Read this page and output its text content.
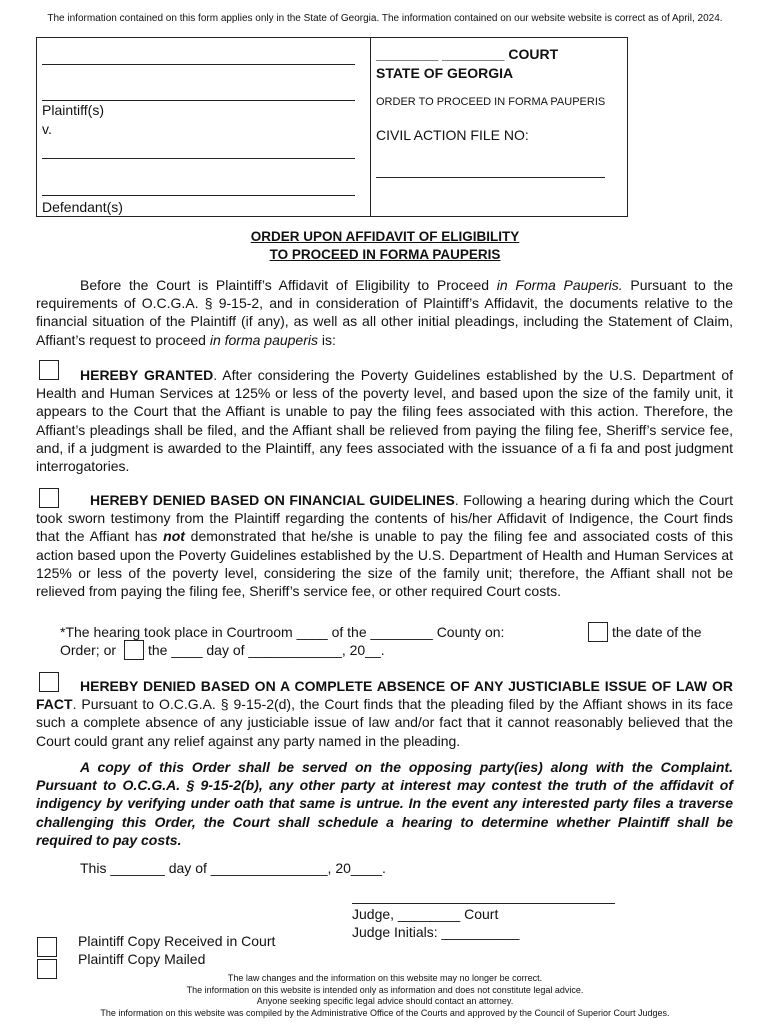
The information contained on this form applies only in the State of Georgia. The information contained on our website website is correct as of April, 2024.
Plaintiff(s)
v.
Defendant(s)
________ ________ COURT
STATE OF GEORGIA
ORDER TO PROCEED IN FORMA PAUPERIS
CIVIL ACTION FILE NO:
ORDER UPON AFFIDAVIT OF ELIGIBILITY
TO PROCEED IN FORMA PAUPERIS

Before the Court is Plaintiff’s Affidavit of Eligibility to Proceed in Forma Pauperis. Pursuant to the requirements of O.C.G.A. § 9-15-2, and in consideration of Plaintiff’s Affidavit, the documents relative to the financial situation of the Plaintiff (if any), as well as all other initial pleadings, including the Statement of Claim, Affiant’s request to proceed in forma pauperis is:

HEREBY GRANTED. After considering the Poverty Guidelines established by the U.S. Department of Health and Human Services at 125% or less of the poverty level, and based upon the size of the family unit, it appears to the Court that the Affiant is unable to pay the filing fees associated with this action. Therefore, the Affiant’s pleadings shall be filed, and the Affiant shall be relieved from paying the filing fee, Sheriff’s service fee, and, if a judgment is awarded to the Plaintiff, any fees associated with the issuance of a fi fa and post judgment interrogatories.

HEREBY DENIED BASED ON FINANCIAL GUIDELINES. Following a hearing during which the Court took sworn testimony from the Plaintiff regarding the contents of his/her Affidavit of Indigence, the Court finds that the Affiant has not demonstrated that he/she is unable to pay the filing fee and associated costs of this action based upon the Poverty Guidelines established by the U.S. Department of Health and Human Services at 125% or less of the poverty level, considering the size of the family unit; therefore, the Affiant shall not be relieved from paying the filing fee, Sheriff’s service fee, or other required Court costs.

*The hearing took place in Courtroom ____ of the ________ County on:	the date of the
Order; or the ____ day of ____________, 20__.

HEREBY DENIED BASED ON A COMPLETE ABSENCE OF ANY JUSTICIABLE ISSUE OF LAW OR FACT. Pursuant to O.C.G.A. § 9-15-2(d), the Court finds that the pleading filed by the Affiant shows in its face such a complete absence of any justiciable issue of law and/or fact that it cannot reasonably believed that the Court could grant any relief against any party named in the pleading.

A copy of this Order shall be served on the opposing party(ies) along with the Complaint. Pursuant to O.C.G.A. § 9-15-2(b), any other party at interest may contest the truth of the affidavit of indigency by verifying under oath that same is untrue. In the event any interested party files a traverse challenging this Order, the Court shall schedule a hearing to determine whether Plaintiff shall be required to pay costs.

This _______ day of _______________, 20____.
Judge, ________ Court
Judge Initials: __________
Plaintiff Copy Received in Court
Plaintiff Copy Mailed
The law changes and the information on this website may no longer be correct.
The information on this website is intended only as information and does not constitute legal advice.
Anyone seeking specific legal advice should contact an attorney.
The information on this website was compiled by the Administrative Office of the Courts and approved by the Council of Superior Court Judges.
